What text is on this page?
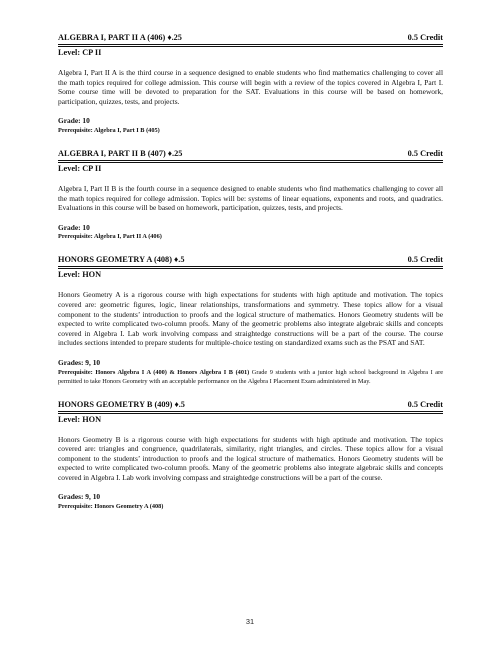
ALGEBRA I, PART II A (406) ♦.25	0.5 Credit
Level: CP II

Algebra I, Part II A is the third course in a sequence designed to enable students who find mathematics challenging to cover all the math topics required for college admission. This course will begin with a review of the topics covered in Algebra I, Part I. Some course time will be devoted to preparation for the SAT. Evaluations in this course will be based on homework, participation, quizzes, tests, and projects.

Grade: 10
Prerequisite: Algebra I, Part I B (405)
ALGEBRA I, PART II B (407) ♦.25	0.5 Credit
Level: CP II

Algebra I, Part II B is the fourth course in a sequence designed to enable students who find mathematics challenging to cover all the math topics required for college admission. Topics will be: systems of linear equations, exponents and roots, and quadratics. Evaluations in this course will be based on homework, participation, quizzes, tests, and projects.

Grade: 10
Prerequisite: Algebra I, Part II A (406)
HONORS GEOMETRY A (408) ♦.5	0.5 Credit
Level: HON

Honors Geometry A is a rigorous course with high expectations for students with high aptitude and motivation. The topics covered are: geometric figures, logic, linear relationships, transformations and symmetry. These topics allow for a visual component to the students’ introduction to proofs and the logical structure of mathematics. Honors Geometry students will be expected to write complicated two-column proofs. Many of the geometric problems also integrate algebraic skills and concepts covered in Algebra I. Lab work involving compass and straightedge constructions will be a part of the course. The course includes sections intended to prepare students for multiple-choice testing on standardized exams such as the PSAT and SAT.

Grades: 9, 10
Prerequisite: Honors Algebra I A (400) & Honors Algebra I B (401) Grade 9 students with a junior high school background in Algebra I are permitted to take Honors Geometry with an acceptable performance on the Algebra I Placement Exam administered in May.
HONORS GEOMETRY B (409) ♦.5	0.5 Credit
Level: HON

Honors Geometry B is a rigorous course with high expectations for students with high aptitude and motivation. The topics covered are: triangles and congruence, quadrilaterals, similarity, right triangles, and circles. These topics allow for a visual component to the students’ introduction to proofs and the logical structure of mathematics. Honors Geometry students will be expected to write complicated two-column proofs. Many of the geometric problems also integrate algebraic skills and concepts covered in Algebra I. Lab work involving compass and straightedge constructions will be a part of the course.

Grades: 9, 10
Prerequisite: Honors Geometry A (408)
31
